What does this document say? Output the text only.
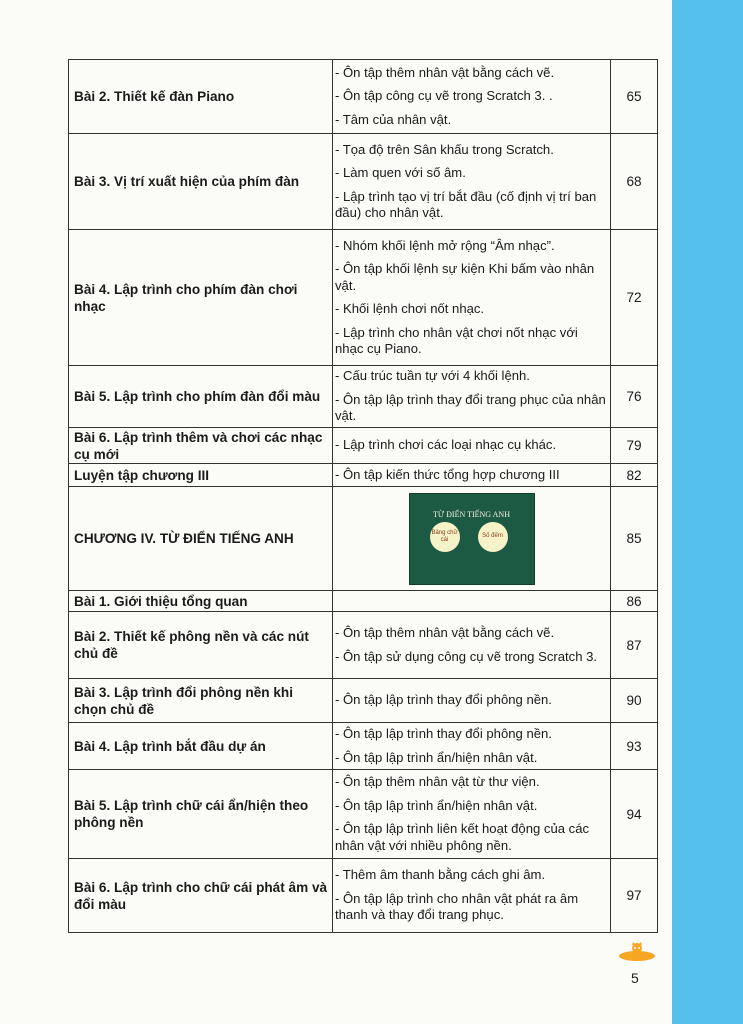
Bài 2. Thiết kế đàn Piano	- Ôn tập thêm nhân vật bằng cách vẽ.
- Ôn tập công cụ vẽ trong Scratch 3. .
- Tâm của nhân vật.	65
Bài 3. Vị trí xuất hiện của phím đàn	- Tọa độ trên Sân khấu trong Scratch.
- Làm quen với số âm.
- Lập trình tạo vị trí bắt đầu (cố định vị trí ban đầu) cho nhân vật.	68
Bài 4. Lập trình cho phím đàn chơi nhạc	- Nhóm khối lệnh mở rộng “Âm nhạc”.
- Ôn tập khối lệnh sự kiện Khi bấm vào nhân vật.
- Khối lệnh chơi nốt nhạc.
- Lập trình cho nhân vật chơi nốt nhạc với nhạc cụ Piano.	72
Bài 5. Lập trình cho phím đàn đổi màu	- Cấu trúc tuần tự với 4 khối lệnh.
- Ôn tập lập trình thay đổi trang phục của nhân vật.	76
Bài 6. Lập trình thêm và chơi các nhạc cụ mới	- Lập trình chơi các loại nhạc cụ khác.	79
Luyện tập chương III	- Ôn tập kiến thức tổng hợp chương III	82
CHƯƠNG IV. TỪ ĐIỂN TIẾNG ANH	TỪ ĐIỂN TIẾNG ANH
Bảng chữ cái
Số đếm	85
Bài 1. Giới thiệu tổng quan		86
Bài 2. Thiết kế phông nền và các nút chủ đề	- Ôn tập thêm nhân vật bằng cách vẽ.
- Ôn tập sử dụng công cụ vẽ trong Scratch 3.	87
Bài 3. Lập trình đổi phông nền khi chọn chủ đề	- Ôn tập lập trình thay đổi phông nền.	90
Bài 4. Lập trình bắt đầu dự án	- Ôn tập lập trình thay đổi phông nền.
- Ôn tập lập trình ẩn/hiện nhân vật.	93
Bài 5. Lập trình chữ cái ẩn/hiện theo phông nền	- Ôn tập thêm nhân vật từ thư viện.
- Ôn tập lập trình ẩn/hiện nhân vật.
- Ôn tập lập trình liên kết hoạt động của các nhân vật với nhiều phông nền.	94
Bài 6. Lập trình cho chữ cái phát âm và đổi màu	- Thêm âm thanh bằng cách ghi âm.
- Ôn tập lập trình cho nhân vật phát ra âm thanh và thay đổi trang phục.	97
5
